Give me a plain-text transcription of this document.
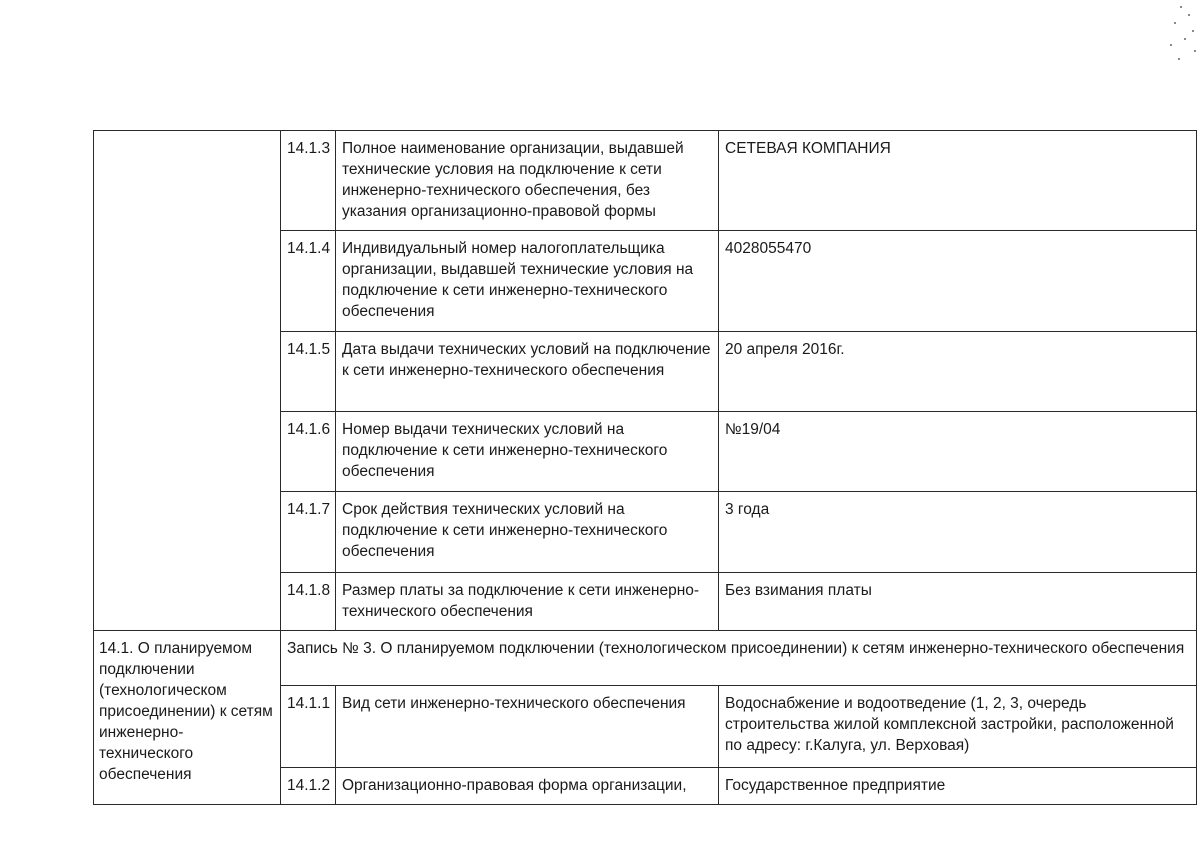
	14.1.3	Полное наименование организации, выдавшей технические условия на подключение к сети инженерно-технического обеспечения, без указания организационно-правовой формы	СЕТЕВАЯ КОМПАНИЯ
	14.1.4	Индивидуальный номер налогоплательщика организации, выдавшей технические условия на подключение к сети инженерно-технического обеспечения	4028055470
	14.1.5	Дата выдачи технических условий на подключение к сети инженерно-технического обеспечения	20 апреля 2016г.
	14.1.6	Номер выдачи технических условий на подключение к сети инженерно-технического обеспечения	№19/04
	14.1.7	Срок действия технических условий на подключение к сети инженерно-технического обеспечения	3 года
	14.1.8	Размер платы за подключение к сети инженерно-технического обеспечения	Без взимания платы
14.1. О планируемом подключении (технологическом присоединении) к сетям инженерно-технического обеспечения	Запись № 3. О планируемом подключении (технологическом присоединении) к сетям инженерно-технического обеспечения		
	14.1.1	Вид сети инженерно-технического обеспечения	Водоснабжение и водоотведение (1, 2, 3, очередь строительства жилой комплексной застройки, расположенной по адресу: г.Калуга, ул. Верховая)
	14.1.2	Организационно-правовая форма организации,	Государственное предприятие
